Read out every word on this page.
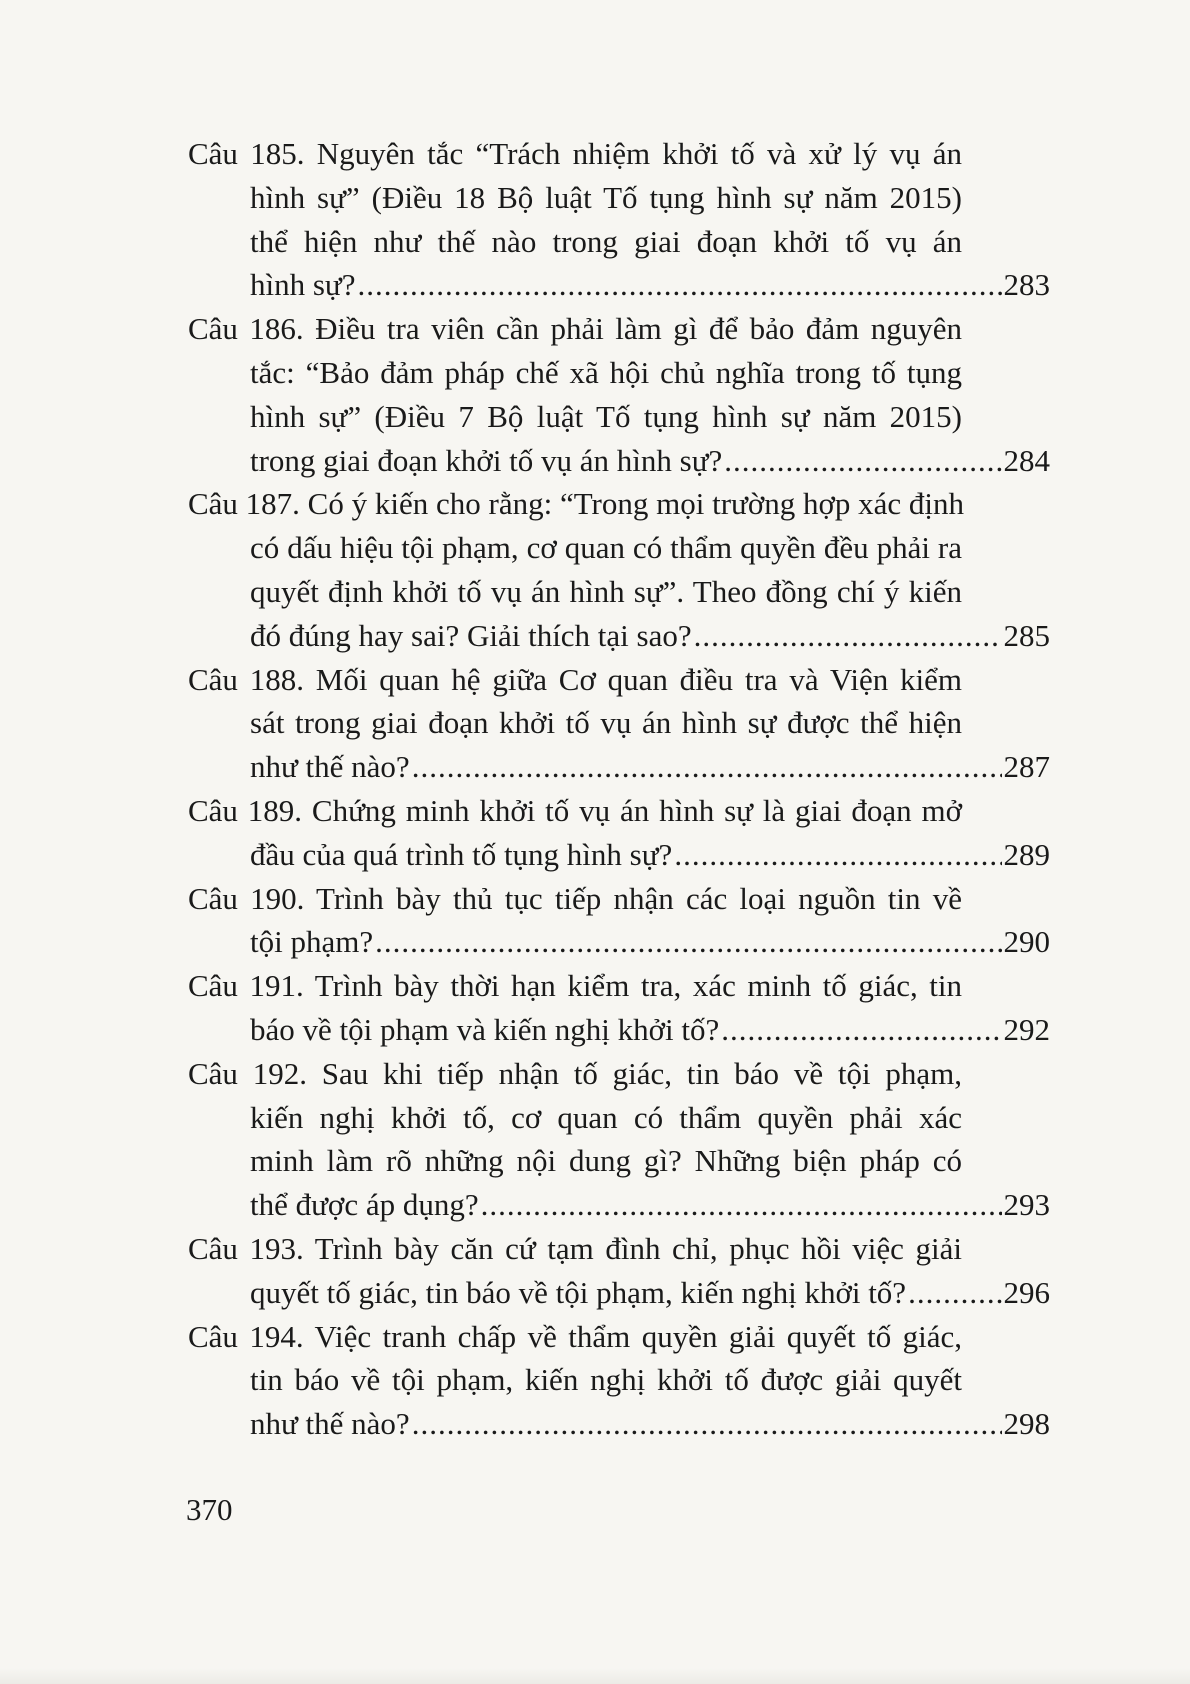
Câu 185. Nguyên tắc “Trách nhiệm khởi tố và xử lý vụ án
hình sự” (Điều 18 Bộ luật Tố tụng hình sự năm 2015)
thể hiện như thế nào trong giai đoạn khởi tố vụ án
hình sự? .....	283
Câu 186. Điều tra viên cần phải làm gì để bảo đảm nguyên
tắc: “Bảo đảm pháp chế xã hội chủ nghĩa trong tố tụng
hình sự” (Điều 7 Bộ luật Tố tụng hình sự năm 2015)
trong giai đoạn khởi tố vụ án hình sự? .....	284
Câu 187. Có ý kiến cho rằng: “Trong mọi trường hợp xác định
có dấu hiệu tội phạm, cơ quan có thẩm quyền đều phải ra
quyết định khởi tố vụ án hình sự”. Theo đồng chí ý kiến
đó đúng hay sai? Giải thích tại sao? .....	285
Câu 188. Mối quan hệ giữa Cơ quan điều tra và Viện kiểm
sát trong giai đoạn khởi tố vụ án hình sự được thể hiện
như thế nào? .....	287
Câu 189. Chứng minh khởi tố vụ án hình sự là giai đoạn mở
đầu của quá trình tố tụng hình sự? .....	289
Câu 190. Trình bày thủ tục tiếp nhận các loại nguồn tin về
tội phạm? .....	290
Câu 191. Trình bày thời hạn kiểm tra, xác minh tố giác, tin
báo về tội phạm và kiến nghị khởi tố? .....	292
Câu 192. Sau khi tiếp nhận tố giác, tin báo về tội phạm,
kiến nghị khởi tố, cơ quan có thẩm quyền phải xác
minh làm rõ những nội dung gì? Những biện pháp có
thể được áp dụng? .....	293
Câu 193. Trình bày căn cứ tạm đình chỉ, phục hồi việc giải
quyết tố giác, tin báo về tội phạm, kiến nghị khởi tố? .....	296
Câu 194. Việc tranh chấp về thẩm quyền giải quyết tố giác,
tin báo về tội phạm, kiến nghị khởi tố được giải quyết
như thế nào? .....	298
370
